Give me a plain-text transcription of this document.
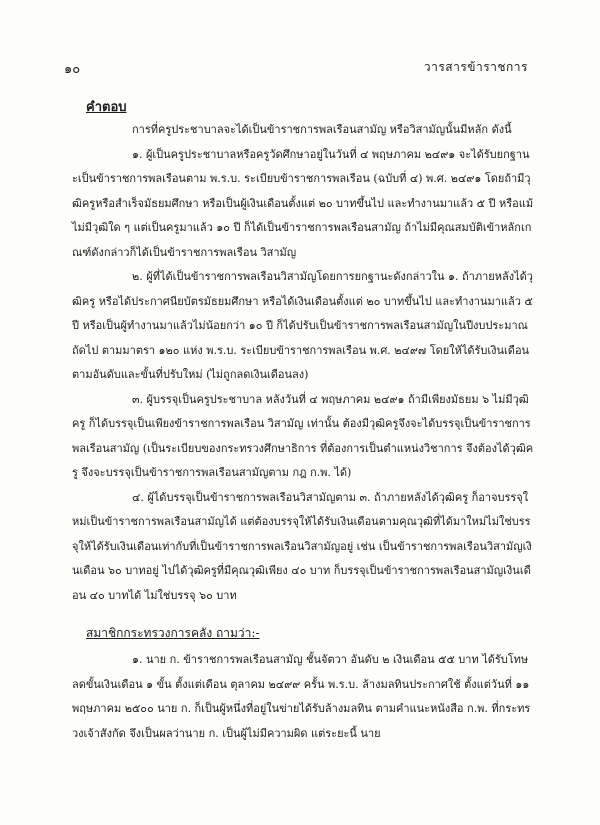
๑๐	วารสารข้าราชการ
คำตอบ

การที่ครูประชาบาลจะได้เป็นข้าราชการพลเรือนสามัญ หรือวิสามัญนั้นมีหลัก ดังนี้

๑. ผู้เป็นครูประชาบาลหรือครูวัดศึกษาอยู่ในวันที่ ๔ พฤษภาคม ๒๔๙๑ จะได้รับยกฐานะเป็นข้าราชการพลเรือนตาม พ.ร.บ. ระเบียบข้าราชการพลเรือน (ฉบับที่ ๔) พ.ศ. ๒๔๙๑ โดยถ้ามีวุฒิครูหรือสำเร็จมัธยมศึกษา หรือเป็นผู้เงินเดือนตั้งแต่ ๒๐ บาทขึ้นไป และทำงานมาแล้ว ๕ ปี หรือแม้ไม่มีวุฒิใด ๆ แต่เป็นครูมาแล้ว ๑๐ ปี ก็ได้เป็นข้าราชการพลเรือนสามัญ ถ้าไม่มีคุณสมบัติเข้าหลักเกณฑ์ดังกล่าวก็ได้เป็นข้าราชการพลเรือน วิสามัญ

๒. ผู้ที่ได้เป็นข้าราชการพลเรือนวิสามัญโดยการยกฐานะดังกล่าวใน ๑. ถ้าภายหลังได้วุฒิครู หรือได้ประกาศนียบัตรมัธยมศึกษา หรือได้เงินเดือนตั้งแต่ ๒๐ บาทขึ้นไป และทำงานมาแล้ว ๕ ปี หรือเป็นผู้ทำงานมาแล้วไม่น้อยกว่า ๑๐ ปี ก็ได้ปรับเป็นข้าราชการพลเรือนสามัญในปีงบประมาณถัดไป ตามมาตรา ๑๒๐ แห่ง พ.ร.บ. ระเบียบข้าราชการพลเรือน พ.ศ. ๒๔๙๗ โดยให้ได้รับเงินเดือนตามอันดับและขั้นที่ปรับใหม่ (ไม่ถูกลดเงินเดือนลง)

๓. ผู้บรรจุเป็นครูประชาบาล หลังวันที่ ๔ พฤษภาคม ๒๔๙๑ ถ้ามีเพียงมัธยม ๖ ไม่มีวุฒิครู ก็ได้บรรจุเป็นเพียงข้าราชการพลเรือน วิสามัญ เท่านั้น ต้องมีวุฒิครูจึงจะได้บรรจุเป็นข้าราชการพลเรือนสามัญ (เป็นระเบียบของกระทรวงศึกษาธิการ ที่ต้องการเป็นตำแหน่งวิชาการ จึงต้องได้วุฒิครู จึงจะบรรจุเป็นข้าราชการพลเรือนสามัญตาม กฎ ก.พ. ได้)

๔. ผู้ได้บรรจุเป็นข้าราชการพลเรือนวิสามัญตาม ๓. ถ้าภายหลังได้วุฒิครู ก็อาจบรรจุใหม่เป็นข้าราชการพลเรือนสามัญได้ แต่ต้องบรรจุให้ได้รับเงินเดือนตามคุณวุฒิที่ได้มาใหม่ไม่ใช่บรรจุให้ได้รับเงินเดือนเท่ากับที่เป็นข้าราชการพลเรือนวิสามัญอยู่ เช่น เป็นข้าราชการพลเรือนวิสามัญเงินเดือน ๖๐ บาทอยู่ ไปได้วุฒิครูที่มีคุณวุฒิเพียง ๔๐ บาท ก็บรรจุเป็นข้าราชการพลเรือนสามัญเงินเดือน ๔๐ บาทได้ ไม่ใช่บรรจุ ๖๐ บาท

สมาชิกกระทรวงการคลัง ถามว่า:-

๑. นาย ก. ข้าราชการพลเรือนสามัญ ชั้นจัตวา อันดับ ๒ เงินเดือน ๕๕ บาท ได้รับโทษลดขั้นเงินเดือน ๑ ขั้น ตั้งแต่เดือน ตุลาคม ๒๔๙๙ ครั้น พ.ร.บ. ล้างมลทินประกาศใช้ ตั้งแต่วันที่ ๑๑ พฤษภาคม ๒๕๐๐ นาย ก. ก็เป็นผู้หนึ่งที่อยู่ในข่ายได้รับล้างมลทิน ตามคำแนะหนังสือ ก.พ. ที่กระทรวงเจ้าสังกัด จึงเป็นผลว่านาย ก. เป็นผู้ไม่มีความผิด แต่ระยะนี้ นาย
